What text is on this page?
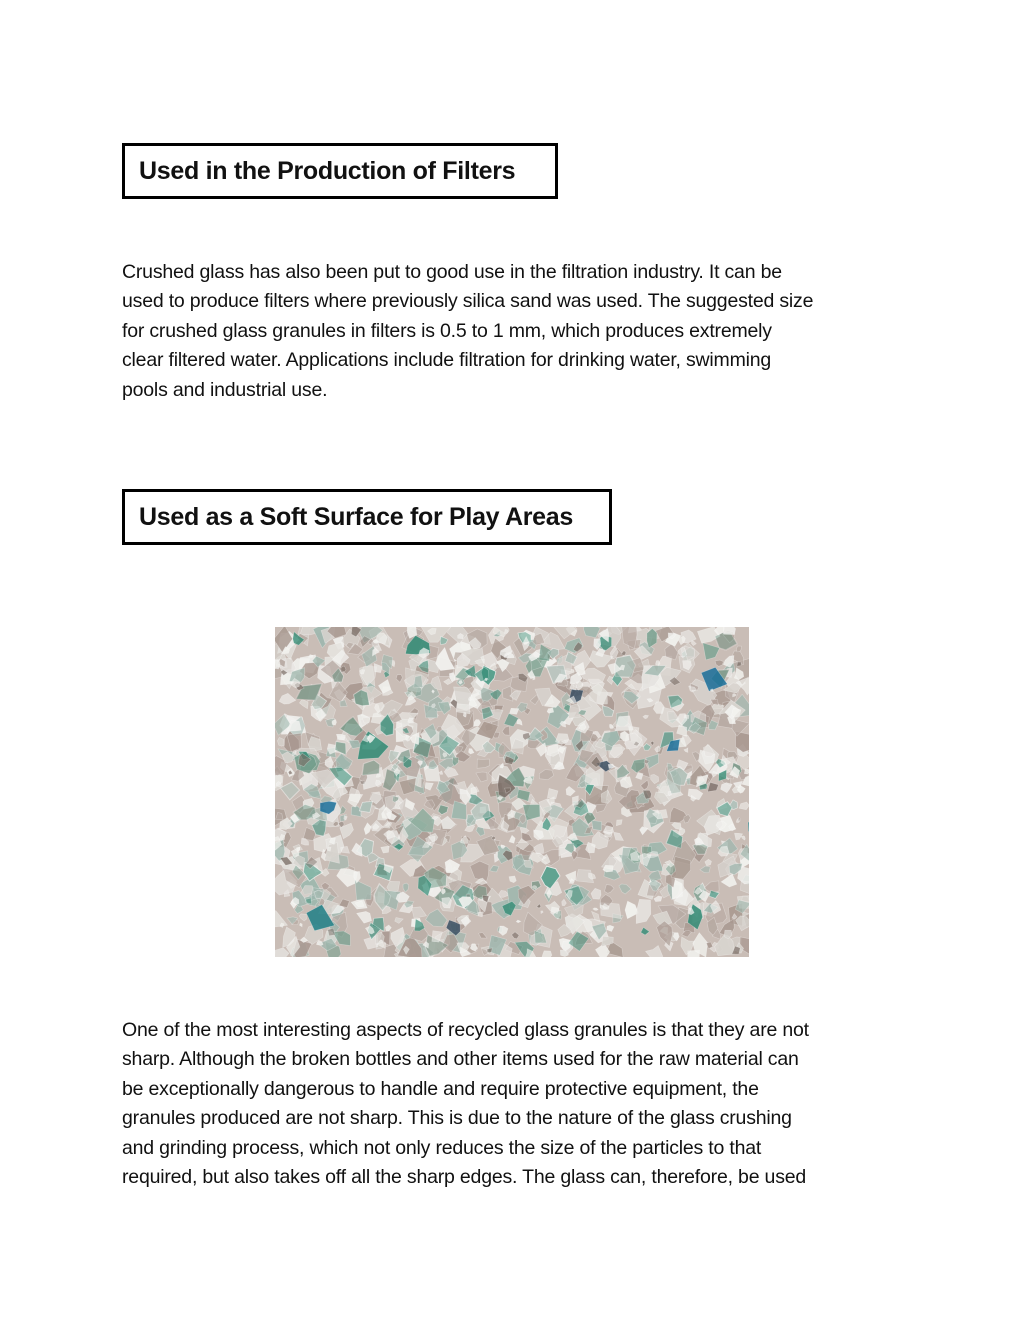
Used in the Production of Filters
Crushed glass has also been put to good use in the filtration industry. It can be
used to produce filters where previously silica sand was used. The suggested size
for crushed glass granules in filters is 0.5 to 1 mm, which produces extremely
clear filtered water. Applications include filtration for drinking water, swimming
pools and industrial use.
Used as a Soft Surface for Play Areas
One of the most interesting aspects of recycled glass granules is that they are not
sharp. Although the broken bottles and other items used for the raw material can
be exceptionally dangerous to handle and require protective equipment, the
granules produced are not sharp. This is due to the nature of the glass crushing
and grinding process, which not only reduces the size of the particles to that
required, but also takes off all the sharp edges. The glass can, therefore, be used
